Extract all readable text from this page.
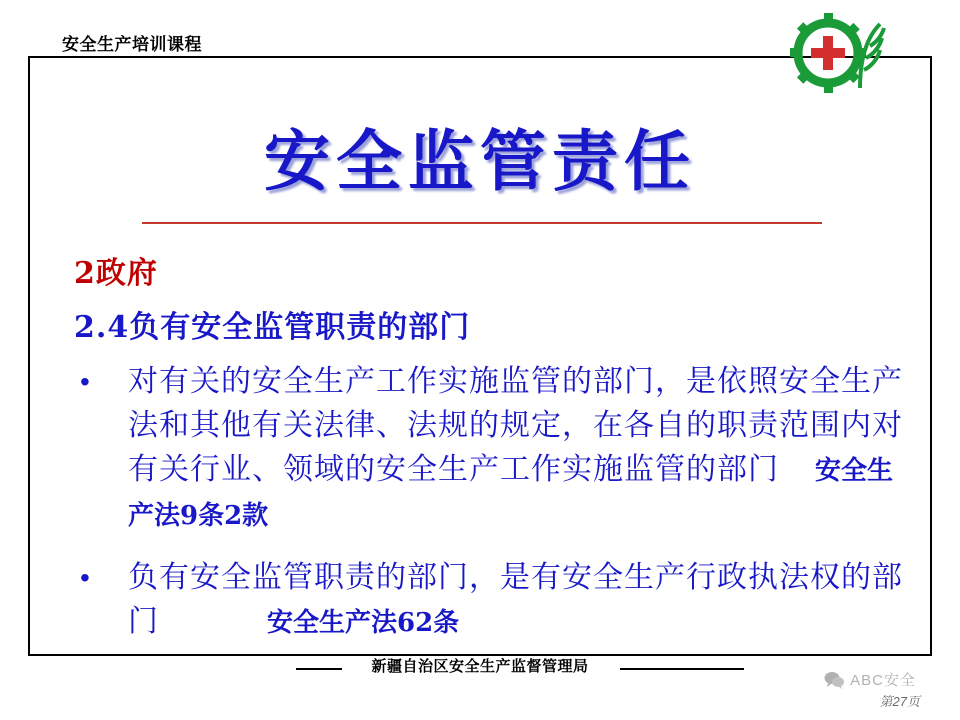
安全生产培训课程
安全监管责任
2政府
2.4负有安全监管职责的部门
•	对有关的安全生产工作实施监管的部门，是依照安全生产法和其他有关法律、法规的规定，在各自的职责范围内对有关行业、领域的安全生产工作实施监管的部门 安全生产法9条2款
•	负有安全监管职责的部门，是有安全生产行政执法权的部门	安全生产法62条
新疆自治区安全生产监督管理局
第27页
ABC安全
